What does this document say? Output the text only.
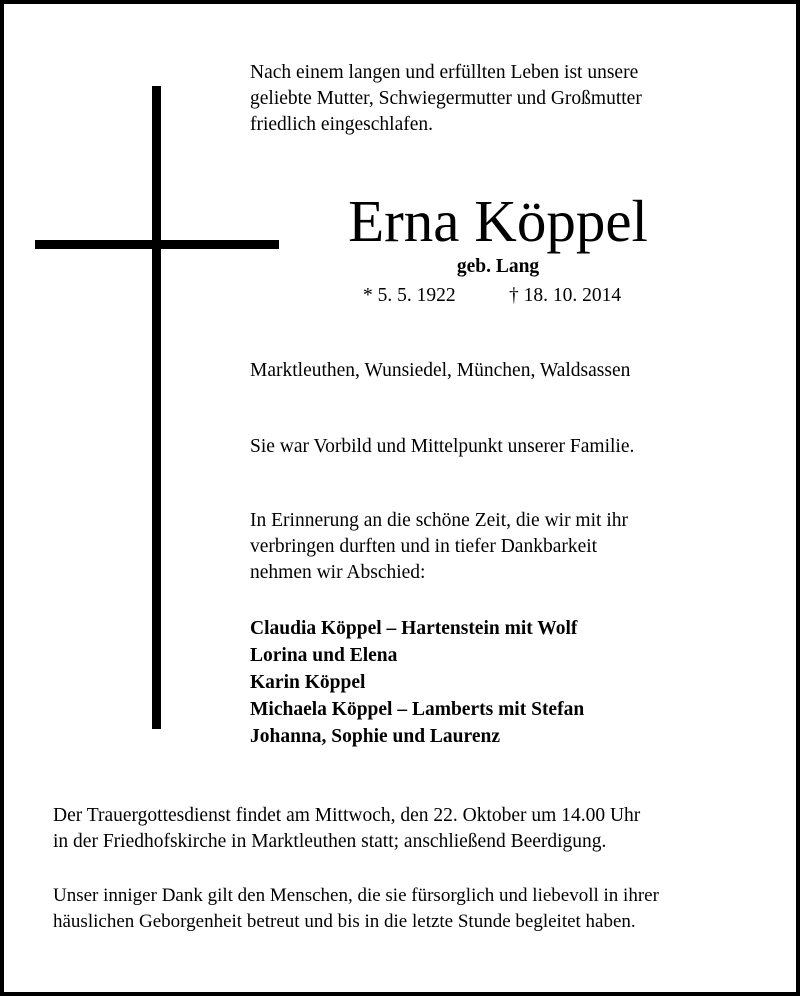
Nach einem langen und erfüllten Leben ist unsere
geliebte Mutter, Schwiegermutter und Großmutter
friedlich eingeschlafen.
Erna Köppel
geb. Lang
* 5. 5. 1922	† 18. 10. 2014
Marktleuthen, Wunsiedel, München, Waldsassen
Sie war Vorbild und Mittelpunkt unserer Familie.
In Erinnerung an die schöne Zeit, die wir mit ihr
verbringen durften und in tiefer Dankbarkeit
nehmen wir Abschied:
Claudia Köppel – Hartenstein mit Wolf
Lorina und Elena
Karin Köppel
Michaela Köppel – Lamberts mit Stefan
Johanna, Sophie und Laurenz
Der Trauergottesdienst findet am Mittwoch, den 22. Oktober um 14.00 Uhr
in der Friedhofskirche in Marktleuthen statt; anschließend Beerdigung.
Unser inniger Dank gilt den Menschen, die sie fürsorglich und liebevoll in ihrer
häuslichen Geborgenheit betreut und bis in die letzte Stunde begleitet haben.
